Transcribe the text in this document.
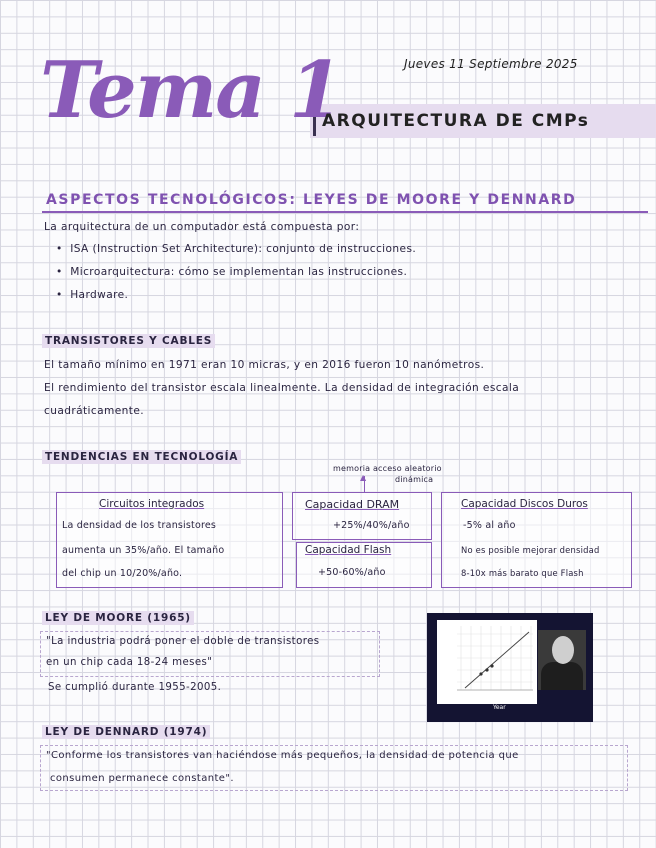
Jueves 11 Septiembre 2025
Tema 1
ARQUITECTURA DE CMPs
ASPECTOS TECNOLÓGICOS: LEYES DE MOORE Y DENNARD
La arquitectura de un computador está compuesta por:
•  ISA (Instruction Set Architecture): conjunto de instrucciones.
•  Microarquitectura: cómo se implementan las instrucciones.
•  Hardware.
TRANSISTORES Y CABLES
El tamaño mínimo en 1971 eran 10 micras, y en 2016 fueron 10 nanómetros.
El rendimiento del transistor escala linealmente. La densidad de integración escala
cuadráticamente.
TENDENCIAS EN TECNOLOGÍA
memoria acceso aleatorio
dinámica
▲
Circuitos integrados
La densidad de los transistores
aumenta un 35%/año. El tamaño
del chip un 10/20%/año.
Capacidad DRAM
+25%/40%/año
Capacidad Flash
+50-60%/año
Capacidad Discos Duros
-5% al año
No es posible mejorar densidad
8-10x más barato que Flash
LEY DE MOORE (1965)
"La industria podrá poner el doble de transistores
en un chip cada 18-24 meses"
Se cumplió durante 1955-2005.
Year
LEY DE DENNARD (1974)
"Conforme los transistores van haciéndose más pequeños, la densidad de potencia que
consumen permanece constante".
